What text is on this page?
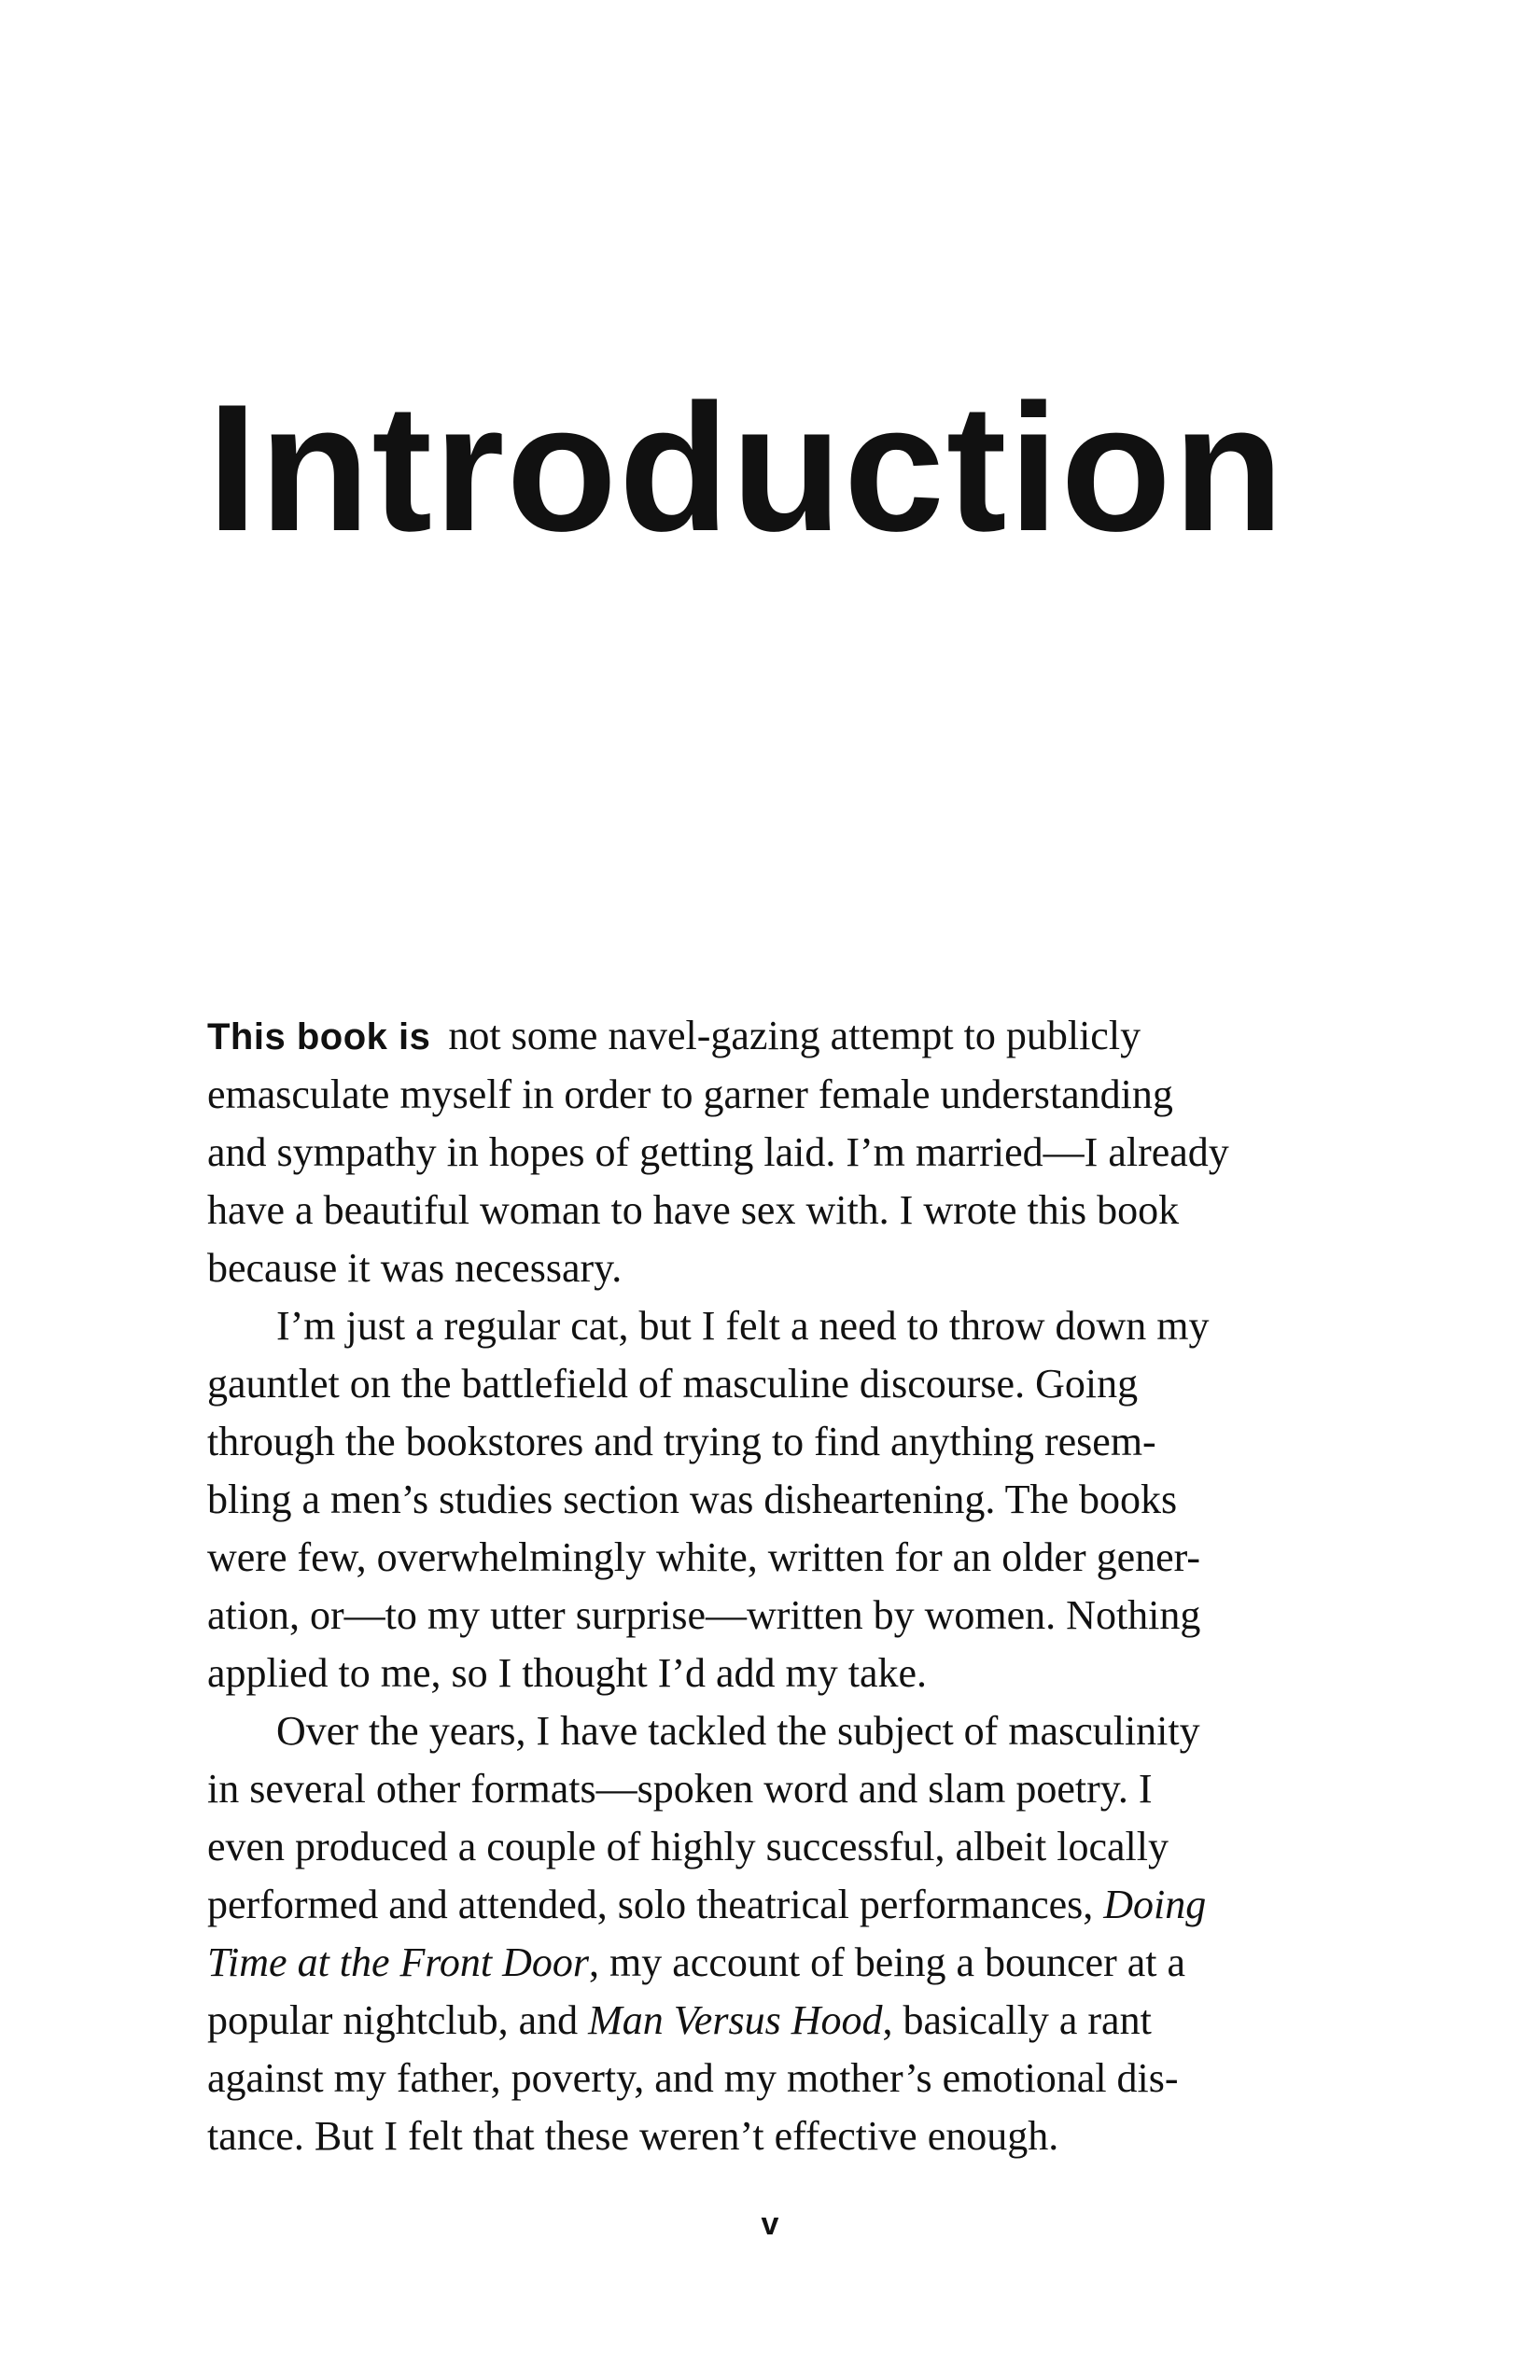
Introduction

This book is not some navel-gazing attempt to publicly
emasculate myself in order to garner female understanding
and sympathy in hopes of getting laid. I’m married—I already
have a beautiful woman to have sex with. I wrote this book
because it was necessary.

I’m just a regular cat, but I felt a need to throw down my
gauntlet on the battlefield of masculine discourse. Going
through the bookstores and trying to find anything resem-
bling a men’s studies section was disheartening. The books
were few, overwhelmingly white, written for an older gener-
ation, or—to my utter surprise—written by women. Nothing
applied to me, so I thought I’d add my take.

Over the years, I have tackled the subject of masculinity
in several other formats—spoken word and slam poetry. I
even produced a couple of highly successful, albeit locally
performed and attended, solo theatrical performances, Doing
Time at the Front Door, my account of being a bouncer at a
popular nightclub, and Man Versus Hood, basically a rant
against my father, poverty, and my mother’s emotional dis-
tance. But I felt that these weren’t effective enough.

v
